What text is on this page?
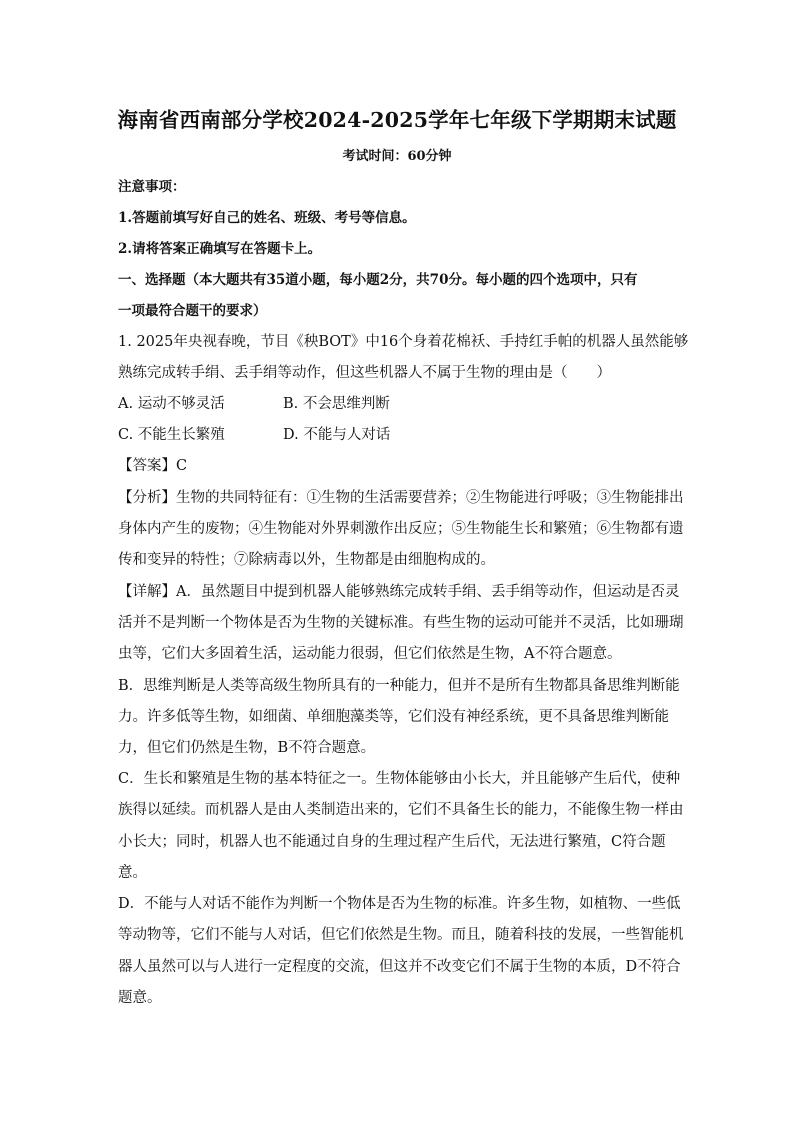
海南省西南部分学校2024-2025学年七年级下学期期末试题
考试时间：60分钟
注意事项：
1.答题前填写好自己的姓名、班级、考号等信息。
2.请将答案正确填写在答题卡上。
一、选择题（本大题共有35道小题，每小题2分，共70分。每小题的四个选项中，只有
一项最符合题干的要求）
1. 2025年央视春晚，节目《秧BOT》中16个身着花棉袄、手持红手帕的机器人虽然能够
熟练完成转手绢、丢手绢等动作，但这些机器人不属于生物的理由是（　　）
A. 运动不够灵活	B. 不会思维判断
C. 不能生长繁殖	D. 不能与人对话
【答案】C
【分析】生物的共同特征有：①生物的生活需要营养；②生物能进行呼吸；③生物能排出
身体内产生的废物；④生物能对外界刺激作出反应；⑤生物能生长和繁殖；⑥生物都有遗
传和变异的特性；⑦除病毒以外，生物都是由细胞构成的。
【详解】A．虽然题目中提到机器人能够熟练完成转手绢、丢手绢等动作，但运动是否灵
活并不是判断一个物体是否为生物的关键标准。有些生物的运动可能并不灵活，比如珊瑚
虫等，它们大多固着生活，运动能力很弱，但它们依然是生物，A不符合题意。
B．思维判断是人类等高级生物所具有的一种能力，但并不是所有生物都具备思维判断能
力。许多低等生物，如细菌、单细胞藻类等，它们没有神经系统，更不具备思维判断能
力，但它们仍然是生物，B不符合题意。
C．生长和繁殖是生物的基本特征之一。生物体能够由小长大，并且能够产生后代，使种
族得以延续。而机器人是由人类制造出来的，它们不具备生长的能力，不能像生物一样由
小长大；同时，机器人也不能通过自身的生理过程产生后代，无法进行繁殖，C符合题
意。
D．不能与人对话不能作为判断一个物体是否为生物的标准。许多生物，如植物、一些低
等动物等，它们不能与人对话，但它们依然是生物。而且，随着科技的发展，一些智能机
器人虽然可以与人进行一定程度的交流，但这并不改变它们不属于生物的本质，D不符合
题意。
